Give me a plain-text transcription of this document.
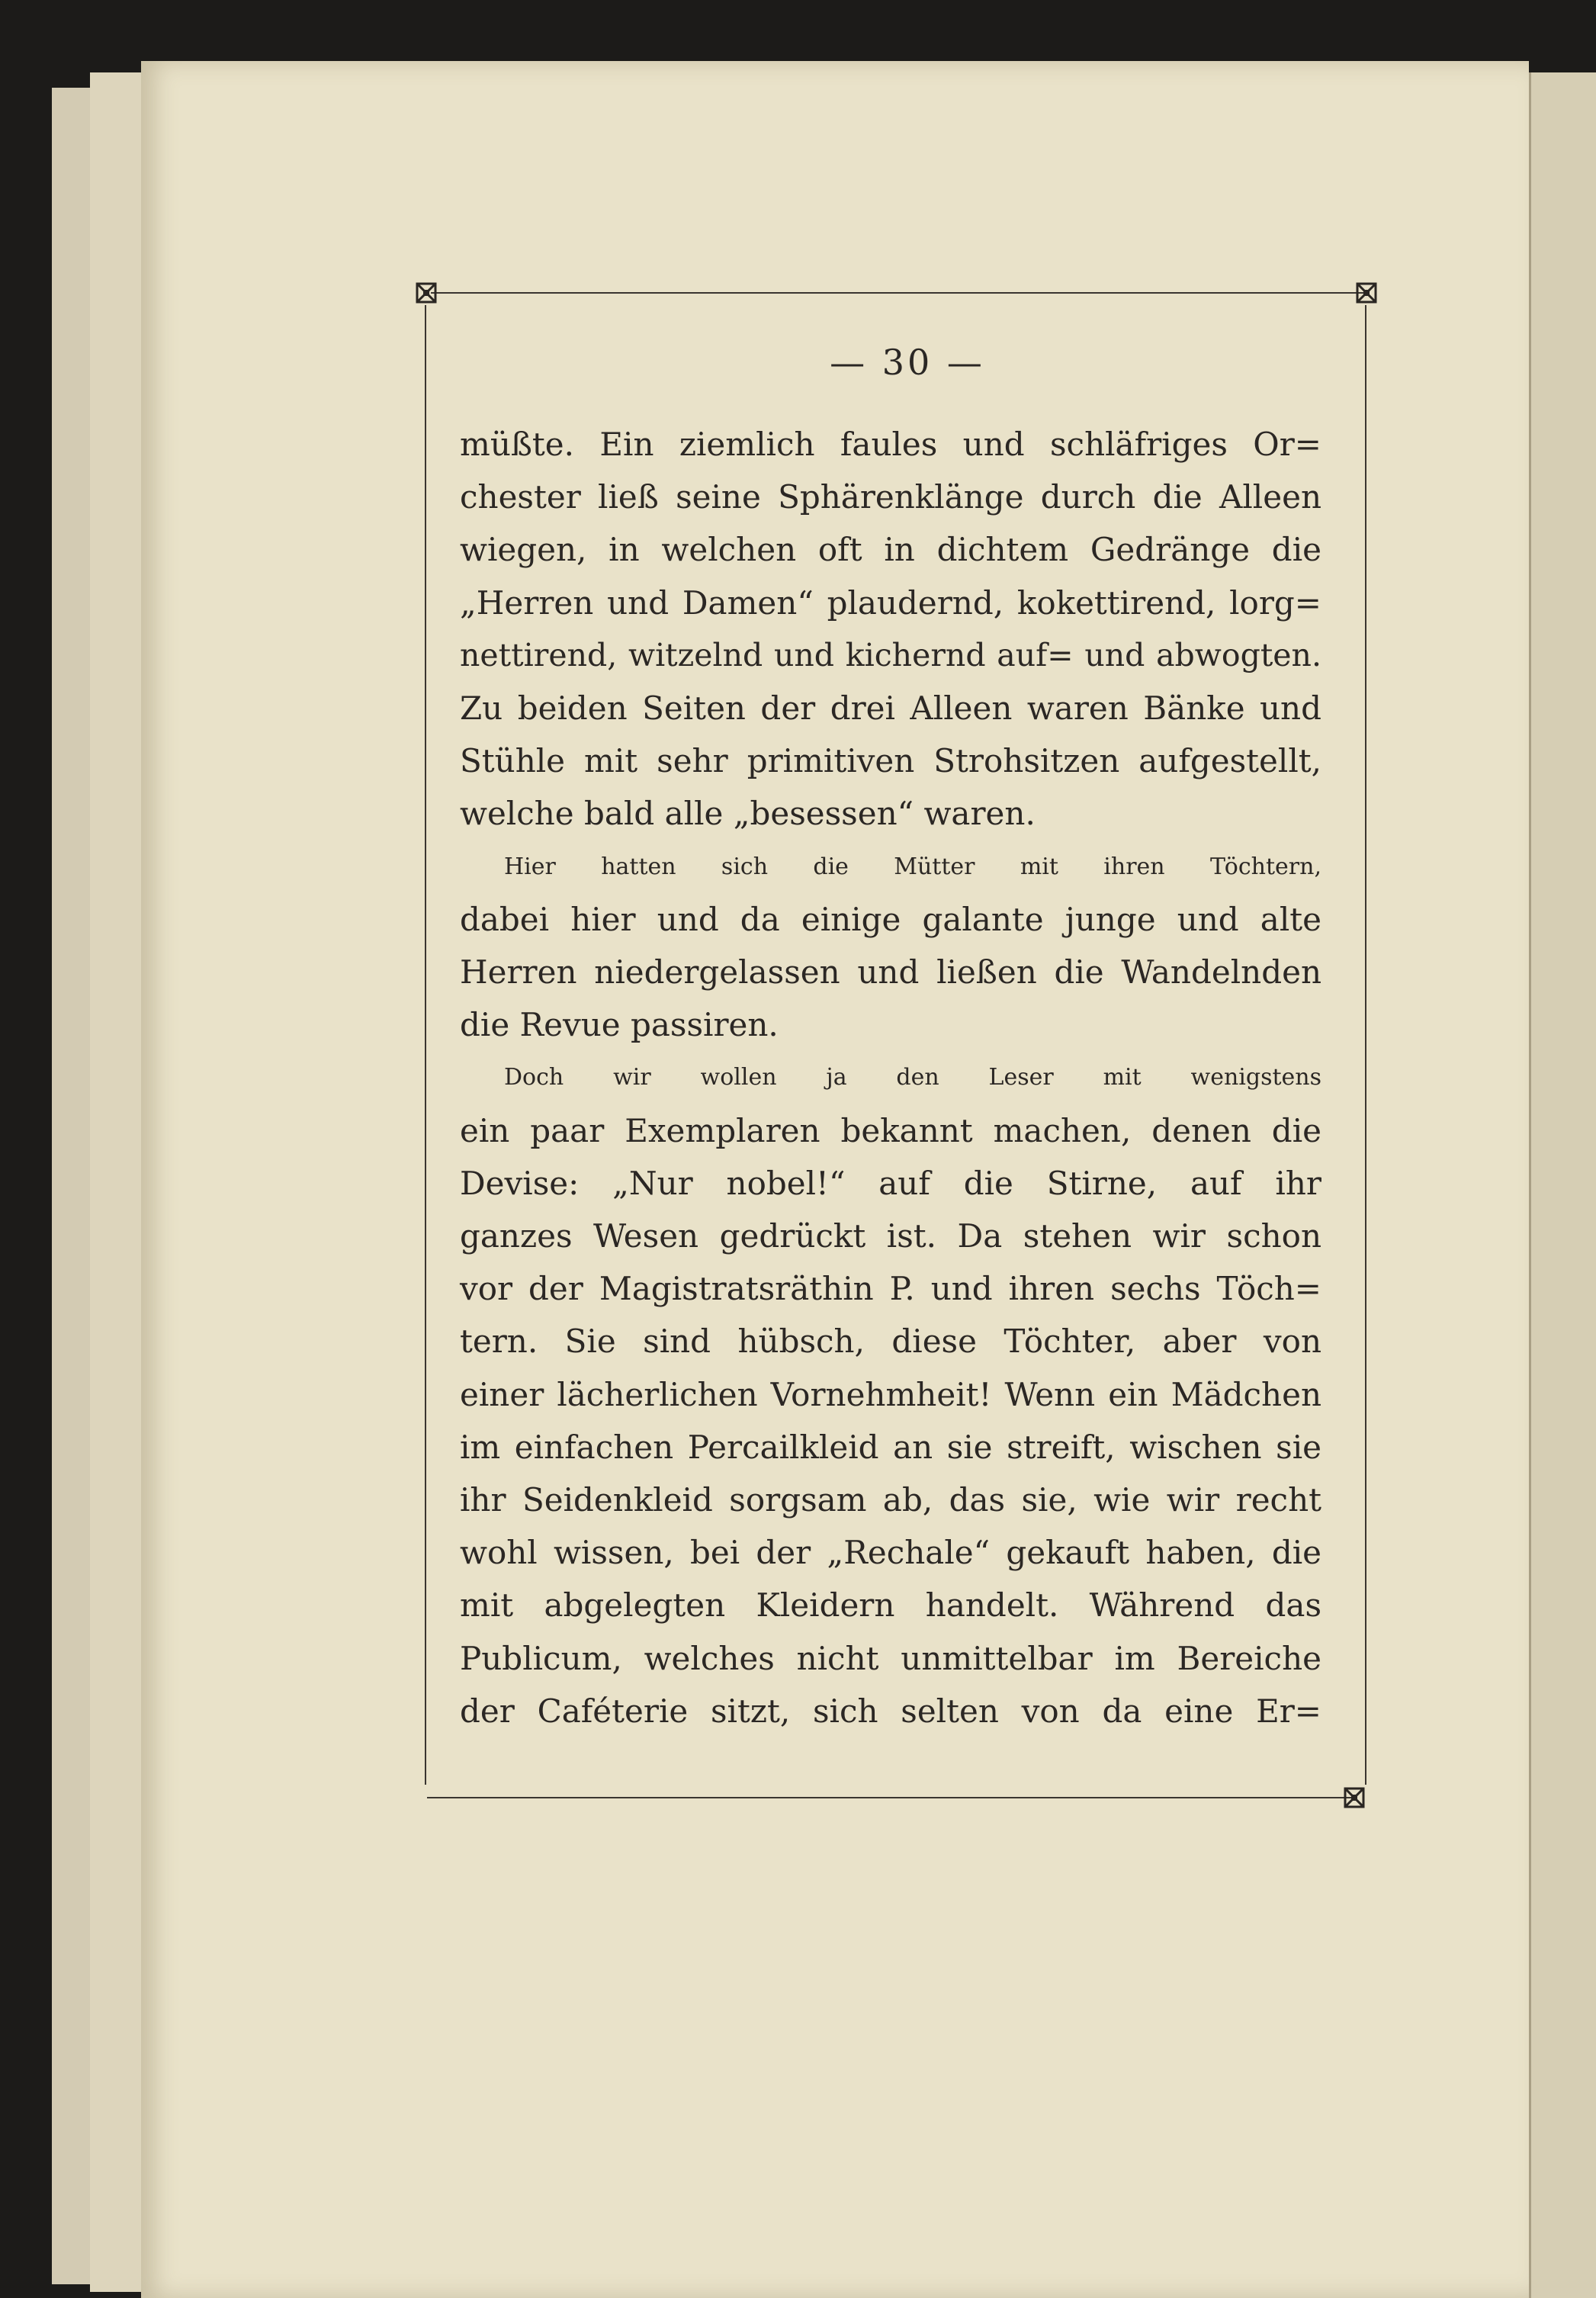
— 30 —
müßte. Ein ziemlich faules und schläfriges Or=
chester ließ seine Sphärenklänge durch die Alleen
wiegen, in welchen oft in dichtem Gedränge die
„Herren und Damen“ plaudernd, kokettirend, lorg=
nettirend, witzelnd und kichernd auf= und abwogten.
Zu beiden Seiten der drei Alleen waren Bänke und
Stühle mit sehr primitiven Strohsitzen aufgestellt,
welche bald alle „besessen“ waren.
Hier hatten sich die Mütter mit ihren Töchtern,
dabei hier und da einige galante junge und alte
Herren niedergelassen und ließen die Wandelnden
die Revue passiren.
Doch wir wollen ja den Leser mit wenigstens
ein paar Exemplaren bekannt machen, denen die
Devise: „Nur nobel!“ auf die Stirne, auf ihr
ganzes Wesen gedrückt ist. Da stehen wir schon
vor der Magistratsräthin P. und ihren sechs Töch=
tern. Sie sind hübsch, diese Töchter, aber von
einer lächerlichen Vornehmheit! Wenn ein Mädchen
im einfachen Percailkleid an sie streift, wischen sie
ihr Seidenkleid sorgsam ab, das sie, wie wir recht
wohl wissen, bei der „Rechale“ gekauft haben, die
mit abgelegten Kleidern handelt. Während das
Publicum, welches nicht unmittelbar im Bereiche
der Caféterie sitzt, sich selten von da eine Er=
